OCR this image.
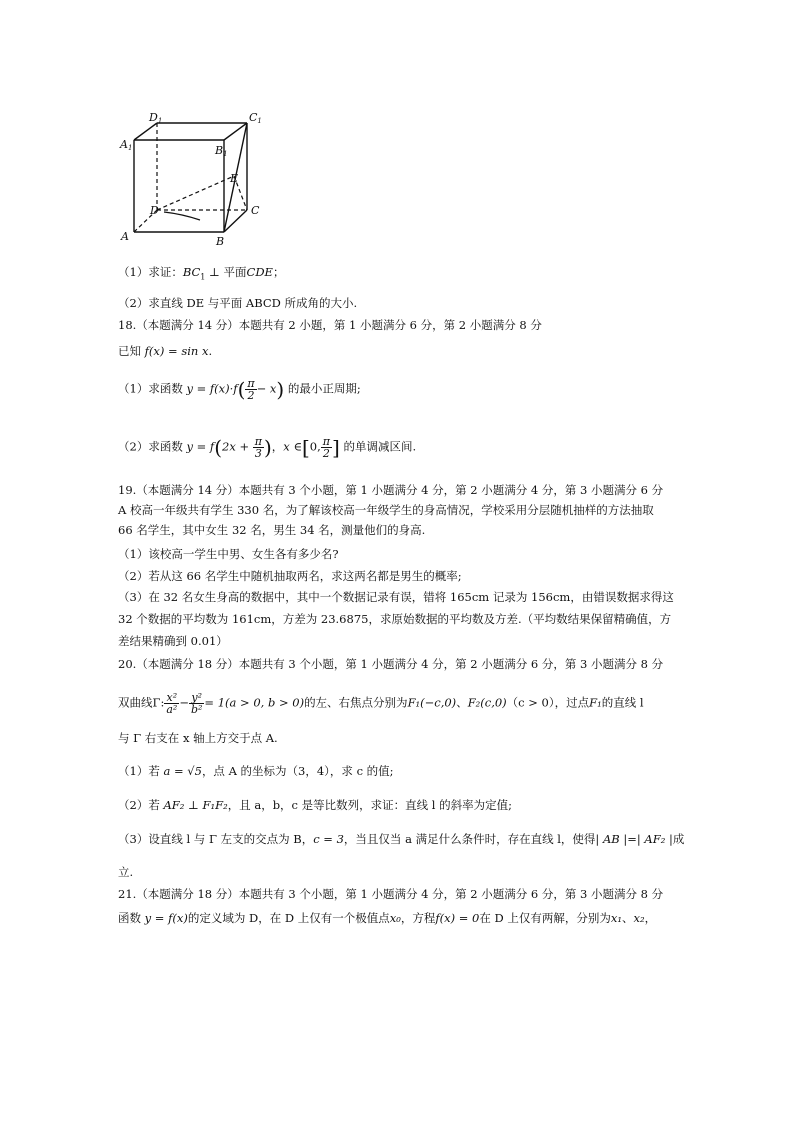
D1	C1
A1	B1
E
D	C
A	B
（1）求证：$BC_1$ ⊥ 平面CDE；
（2）求直线 DE 与平面 ABCD 所成角的大小.
18.（本题满分 14 分）本题共有 2 小题，第 1 小题满分 6 分，第 2 小题满分 8 分
已知 f(x) = sin x.
（1）求函数 $y = f(x)\cdot f( \frac{\pi}{2} - x)$ 的最小正周期;
（2）求函数 $y = f(2x + \frac{\pi}{3}$ )，x ∈[0, $\frac{\pi}{2}$ ] 的单调减区间.
19.（本题满分 14 分）本题共有 3 个小题，第 1 小题满分 4 分，第 2 小题满分 4 分，第 3 小题满分 6 分
A 校高一年级共有学生 330 名，为了解该校高一年级学生的身高情况，学校采用分层随机抽样的方法抽取
66 名学生，其中女生 32 名，男生 34 名，测量他们的身高.
（1）该校高一学生中男、女生各有多少名?
（2）若从这 66 名学生中随机抽取两名，求这两名都是男生的概率;
（3）在 32 名女生身高的数据中，其中一个数据记录有误，错将 165cm 记录为 156cm，由错误数据求得这
32 个数据的平均数为 161cm，方差为 23.6875，求原始数据的平均数及方差.（平均数结果保留精确值，方
差结果精确到 0.01）
20.（本题满分 18 分）本题共有 3 个小题，第 1 小题满分 4 分，第 2 小题满分 6 分，第 3 小题满分 8 分
双曲线Γ: $\frac{\text{x²}}{\text{a²}} - \frac{\text{y²}}{\text{b²}} = 1(a > 0$, b > 0)的左、右焦点分别为F₁(−c,0)、F₂(c,0)（c > 0），过点F₁的直线 l
与 Γ 右支在 x 轴上方交于点 A.
（1）若 a = √5，点 A 的坐标为（3，4），求 c 的值;
（2）若 AF₂ ⊥ F₁F₂，且 a，b，c 是等比数列，求证：直线 l 的斜率为定值;
（3）设直线 l 与 Γ 左支的交点为 B，c = 3，当且仅当 a 满足什么条件时，存在直线 l，使得| AB |=| AF₂ |成
立.
21.（本题满分 18 分）本题共有 3 个小题，第 1 小题满分 4 分，第 2 小题满分 6 分，第 3 小题满分 8 分
函数 y = f(x)的定义域为 D，在 D 上仅有一个极值点x₀，方程f(x) = 0在 D 上仅有两解，分别为x₁、x₂，
